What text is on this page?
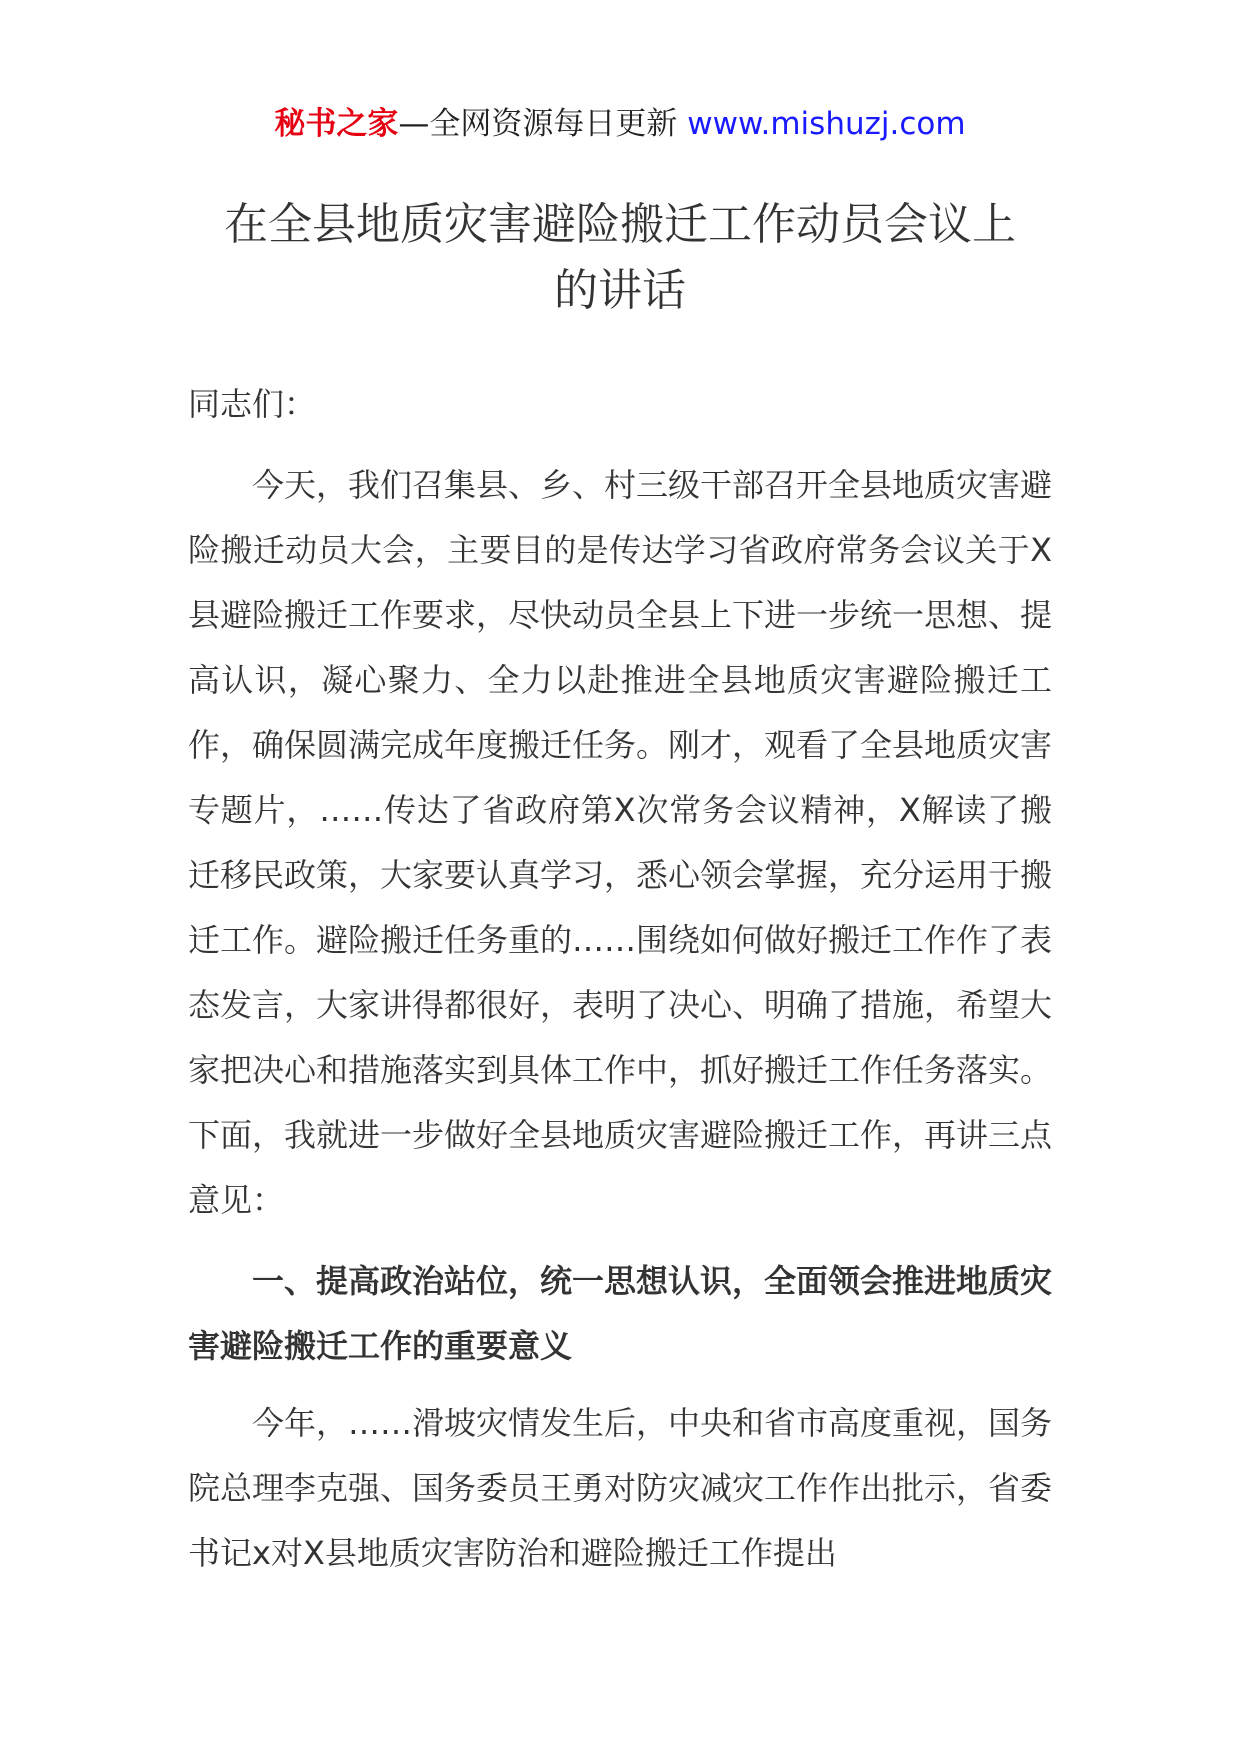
秘书之家—全网资源每日更新 www.mishuzj.com
在全县地质灾害避险搬迁工作动员会议上
的讲话

同志们：

今天，我们召集县、乡、村三级干部召开全县地质灾害避险搬迁动员大会，主要目的是传达学习省政府常务会议关于X县避险搬迁工作要求，尽快动员全县上下进一步统一思想、提高认识，凝心聚力、全力以赴推进全县地质灾害避险搬迁工作，确保圆满完成年度搬迁任务。刚才，观看了全县地质灾害专题片，……传达了省政府第X次常务会议精神，X解读了搬迁移民政策，大家要认真学习，悉心领会掌握，充分运用于搬迁工作。避险搬迁任务重的……围绕如何做好搬迁工作作了表态发言，大家讲得都很好，表明了决心、明确了措施，希望大家把决心和措施落实到具体工作中，抓好搬迁工作任务落实。下面，我就进一步做好全县地质灾害避险搬迁工作，再讲三点意见：

一、提高政治站位，统一思想认识，全面领会推进地质灾害避险搬迁工作的重要意义

今年，……滑坡灾情发生后，中央和省市高度重视，国务院总理李克强、国务委员王勇对防灾减灾工作作出批示，省委书记x对X县地质灾害防治和避险搬迁工作提出
